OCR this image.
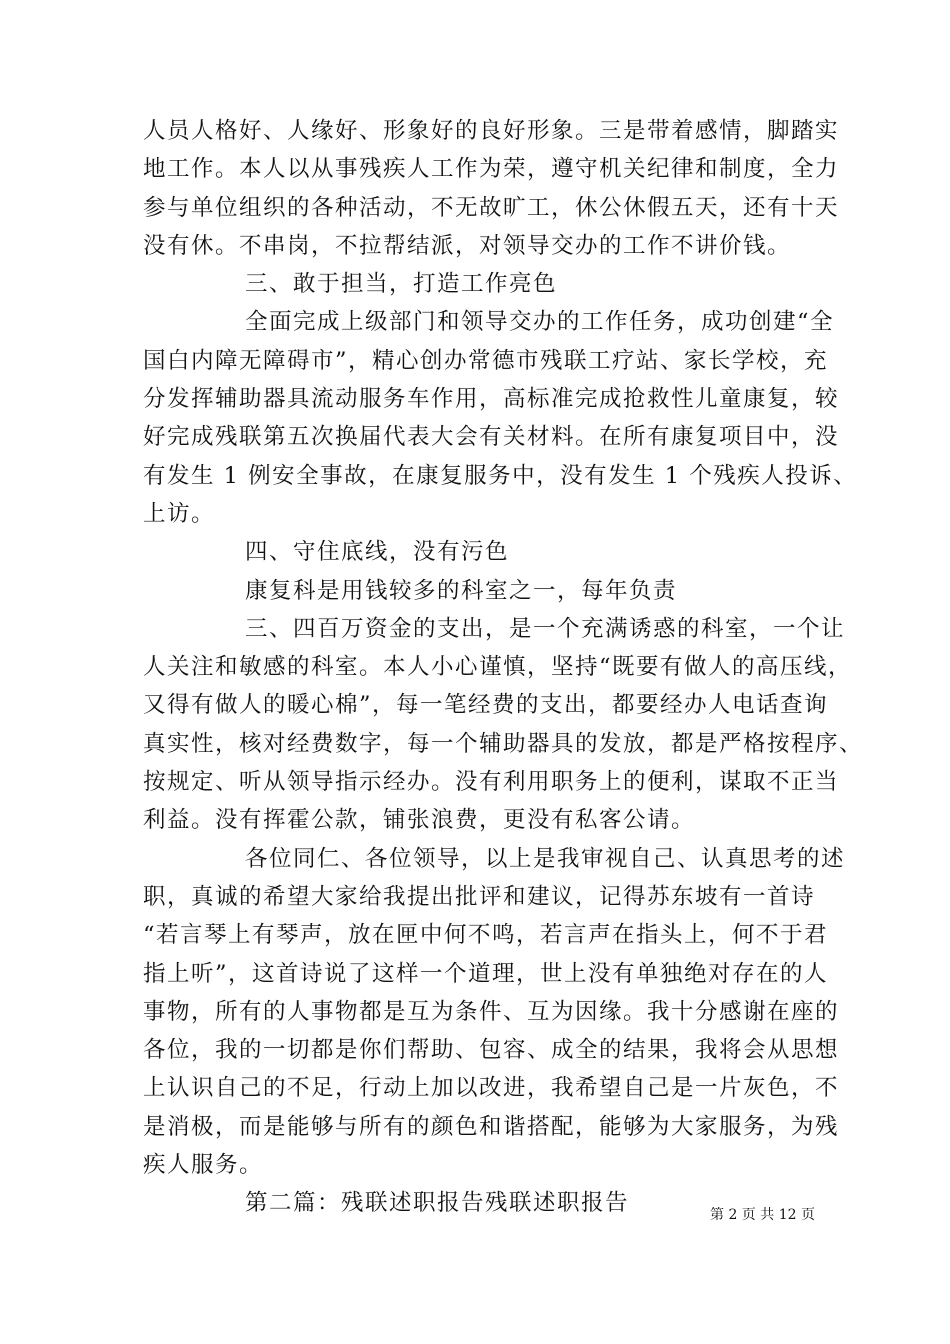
人员人格好、人缘好、形象好的良好形象。三是带着感情，脚踏实

地工作。本人以从事残疾人工作为荣，遵守机关纪律和制度，全力

参与单位组织的各种活动，不无故旷工，休公休假五天，还有十天

没有休。不串岗，不拉帮结派，对领导交办的工作不讲价钱。

三、敢于担当，打造工作亮色

全面完成上级部门和领导交办的工作任务，成功创建“全

国白内障无障碍市”，精心创办常德市残联工疗站、家长学校，充

分发挥辅助器具流动服务车作用，高标准完成抢救性儿童康复，较

好完成残联第五次换届代表大会有关材料。在所有康复项目中，没

有发生 1 例安全事故，在康复服务中，没有发生 1 个残疾人投诉、

上访。

四、守住底线，没有污色

康复科是用钱较多的科室之一，每年负责

三、四百万资金的支出，是一个充满诱惑的科室，一个让

人关注和敏感的科室。本人小心谨慎，坚持“既要有做人的高压线，

又得有做人的暖心棉”，每一笔经费的支出，都要经办人电话查询

真实性，核对经费数字，每一个辅助器具的发放，都是严格按程序、

按规定、听从领导指示经办。没有利用职务上的便利，谋取不正当

利益。没有挥霍公款，铺张浪费，更没有私客公请。

各位同仁、各位领导，以上是我审视自己、认真思考的述

职，真诚的希望大家给我提出批评和建议，记得苏东坡有一首诗

“若言琴上有琴声，放在匣中何不鸣，若言声在指头上，何不于君

指上听”，这首诗说了这样一个道理，世上没有单独绝对存在的人

事物，所有的人事物都是互为条件、互为因缘。我十分感谢在座的

各位，我的一切都是你们帮助、包容、成全的结果，我将会从思想

上认识自己的不足，行动上加以改进，我希望自己是一片灰色，不

是消极，而是能够与所有的颜色和谐搭配，能够为大家服务，为残

疾人服务。

第二篇：残联述职报告残联述职报告	第 2 页 共 12 页
